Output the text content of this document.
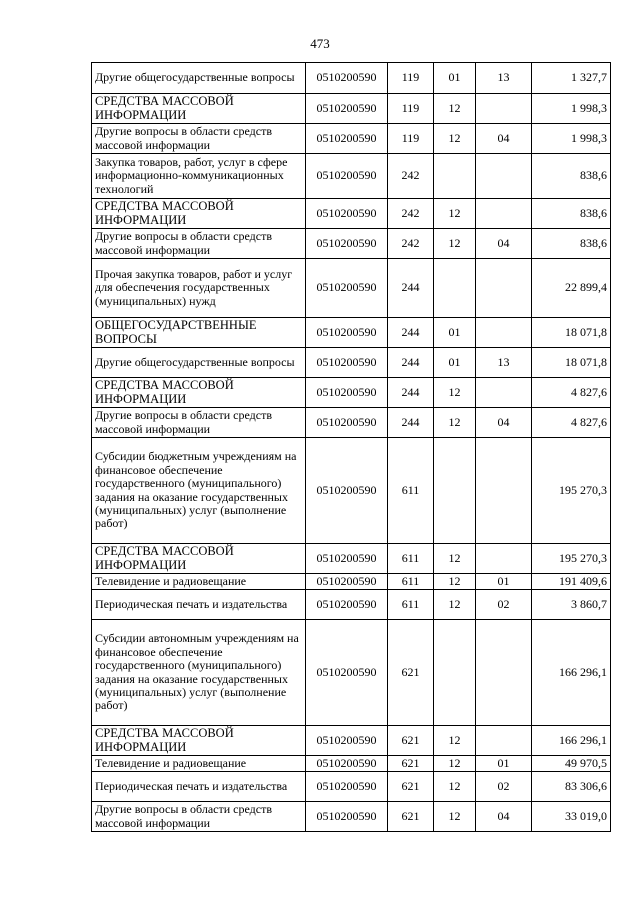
473
Другие общегосударственные вопросы	0510200590	119	01	13	1 327,7
СРЕДСТВА МАССОВОЙ ИНФОРМАЦИИ	0510200590	119	12		1 998,3
Другие вопросы в области средств массовой информации	0510200590	119	12	04	1 998,3
Закупка товаров, работ, услуг в сфере информационно-коммуникационных технологий	0510200590	242			838,6
СРЕДСТВА МАССОВОЙ ИНФОРМАЦИИ	0510200590	242	12		838,6
Другие вопросы в области средств массовой информации	0510200590	242	12	04	838,6
Прочая закупка товаров, работ и услуг для обеспечения государственных (муниципальных) нужд	0510200590	244			22 899,4
ОБЩЕГОСУДАРСТВЕННЫЕ ВОПРОСЫ	0510200590	244	01		18 071,8
Другие общегосударственные вопросы	0510200590	244	01	13	18 071,8
СРЕДСТВА МАССОВОЙ ИНФОРМАЦИИ	0510200590	244	12		4 827,6
Другие вопросы в области средств массовой информации	0510200590	244	12	04	4 827,6
Субсидии бюджетным учреждениям на финансовое обеспечение государственного (муниципального) задания на оказание государственных (муниципальных) услуг (выполнение работ)	0510200590	611			195 270,3
СРЕДСТВА МАССОВОЙ ИНФОРМАЦИИ	0510200590	611	12		195 270,3
Телевидение и радиовещание	0510200590	611	12	01	191 409,6
Периодическая печать и издательства	0510200590	611	12	02	3 860,7
Субсидии автономным учреждениям на финансовое обеспечение государственного (муниципального) задания на оказание государственных (муниципальных) услуг (выполнение работ)	0510200590	621			166 296,1
СРЕДСТВА МАССОВОЙ ИНФОРМАЦИИ	0510200590	621	12		166 296,1
Телевидение и радиовещание	0510200590	621	12	01	49 970,5
Периодическая печать и издательства	0510200590	621	12	02	83 306,6
Другие вопросы в области средств массовой информации	0510200590	621	12	04	33 019,0
